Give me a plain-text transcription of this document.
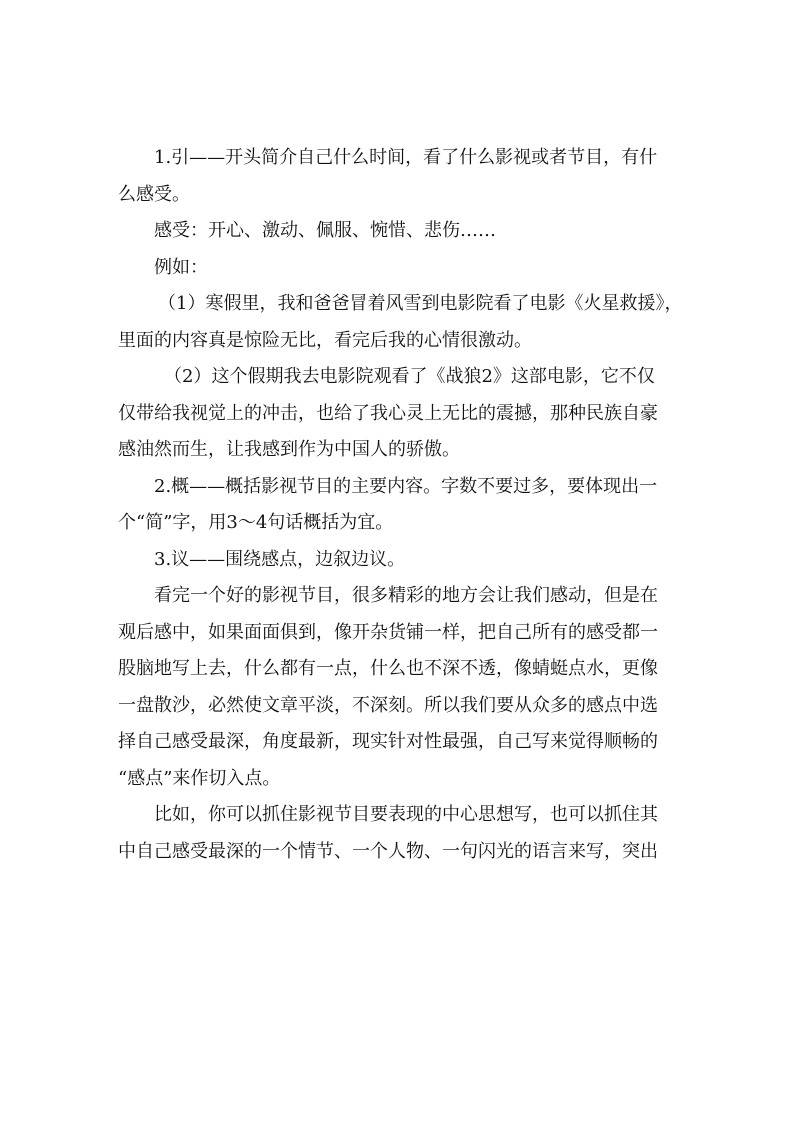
1.引——开头简介自己什么时间，看了什么影视或者节目，有什
么感受。

感受：开心、激动、佩服、惋惜、悲伤……

例如：

（1）寒假里，我和爸爸冒着风雪到电影院看了电影《火星救援》，
里面的内容真是惊险无比，看完后我的心情很激动。

（2）这个假期我去电影院观看了《战狼2》这部电影，它不仅
仅带给我视觉上的冲击，也给了我心灵上无比的震撼，那种民族自豪
感油然而生，让我感到作为中国人的骄傲。

2.概——概括影视节目的主要内容。字数不要过多，要体现出一
个“简”字，用3～4句话概括为宜。

3.议——围绕感点，边叙边议。

看完一个好的影视节目，很多精彩的地方会让我们感动，但是在
观后感中，如果面面俱到，像开杂货铺一样，把自己所有的感受都一
股脑地写上去，什么都有一点，什么也不深不透，像蜻蜓点水，更像
一盘散沙，必然使文章平淡，不深刻。所以我们要从众多的感点中选
择自己感受最深，角度最新，现实针对性最强，自己写来觉得顺畅的
“感点”来作切入点。

比如，你可以抓住影视节目要表现的中心思想写，也可以抓住其
中自己感受最深的一个情节、一个人物、一句闪光的语言来写，突出
